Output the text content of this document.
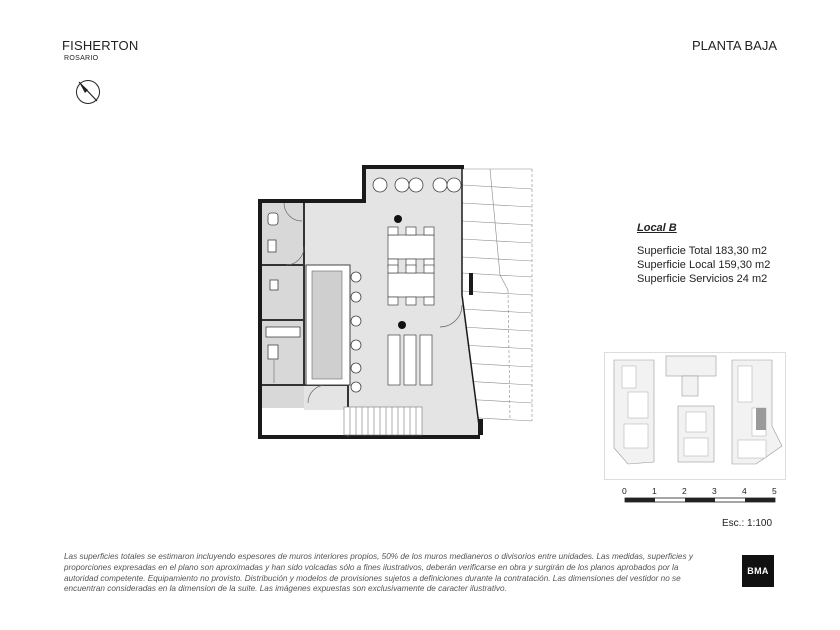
FISHERTON
ROSARIO
PLANTA BAJA
Local B
Superficie Total 183,30 m2
Superficie Local 159,30 m2
Superficie Servicios 24 m2
0	1	2	3	4	5
Esc.: 1:100
Las superficies totales se estimaron incluyendo espesores de muros interiores propios, 50% de los muros medianeros o divisorios entre unidades. Las medidas, superficies y proporciones expresadas en el plano son aproximadas y han sido volcadas sólo a fines ilustrativos, deberán verificarse en obra y surgirán de los planos aprobados por la autoridad competente. Equipamiento no provisto. Distribución y modelos de provisiones sujetos a definiciones durante la contratación. Las dimensiones del vestidor no se encuentran consideradas en la dimension de la suite. Las imágenes expuestas son exclusivamente de caracter ilustrativo.
BMA
